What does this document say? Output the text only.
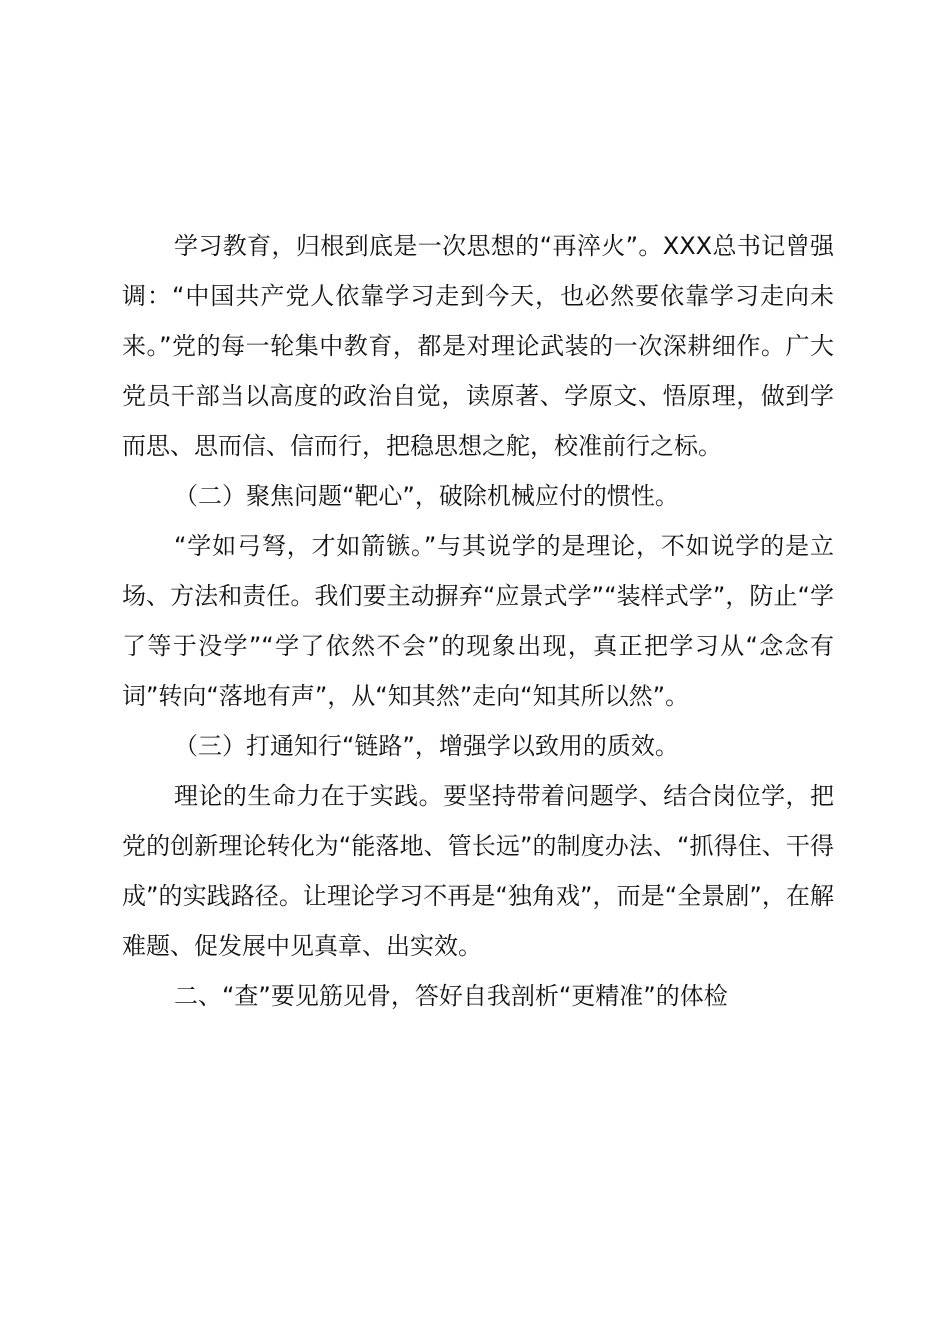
学习教育，归根到底是一次思想的“再淬火”。XXX总书记曾强调：“中国共产党人依靠学习走到今天，也必然要依靠学习走向未来。”党的每一轮集中教育，都是对理论武装的一次深耕细作。广大党员干部当以高度的政治自觉，读原著、学原文、悟原理，做到学而思、思而信、信而行，把稳思想之舵，校准前行之标。

（二）聚焦问题“靶心”，破除机械应付的惯性。

“学如弓弩，才如箭镞。”与其说学的是理论，不如说学的是立场、方法和责任。我们要主动摒弃“应景式学”“装样式学”，防止“学了等于没学”“学了依然不会”的现象出现，真正把学习从“念念有词”转向“落地有声”，从“知其然”走向“知其所以然”。

（三）打通知行“链路”，增强学以致用的质效。

理论的生命力在于实践。要坚持带着问题学、结合岗位学，把党的创新理论转化为“能落地、管长远”的制度办法、“抓得住、干得成”的实践路径。让理论学习不再是“独角戏”，而是“全景剧”，在解难题、促发展中见真章、出实效。

二、“查”要见筋见骨，答好自我剖析“更精准”的体检
